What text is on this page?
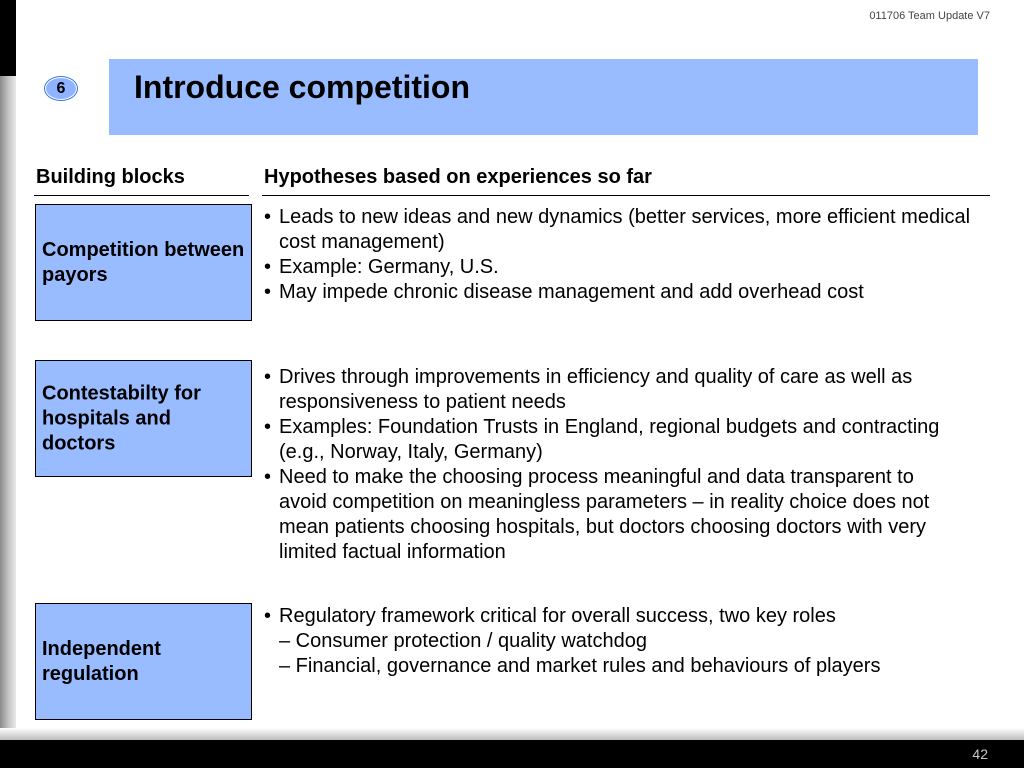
011706 Team Update V7
6	Introduce competition
Building blocks	Hypotheses based on experiences so far
Competition between payors
• Leads to new ideas and new dynamics (better services, more efficient medical cost management)
• Example: Germany, U.S.
• May impede chronic disease management and add overhead cost
Contestabilty for hospitals and doctors
• Drives through improvements in efficiency and quality of care as well as responsiveness to patient needs
• Examples: Foundation Trusts in England, regional budgets and contracting (e.g., Norway, Italy, Germany)
• Need to make the choosing process meaningful and data transparent to avoid competition on meaningless parameters – in reality choice does not mean patients choosing hospitals, but doctors choosing doctors with very limited factual information
Independent regulation
• Regulatory framework critical for overall success, two key roles
– Consumer protection / quality watchdog
– Financial, governance and market rules and behaviours of players
42
